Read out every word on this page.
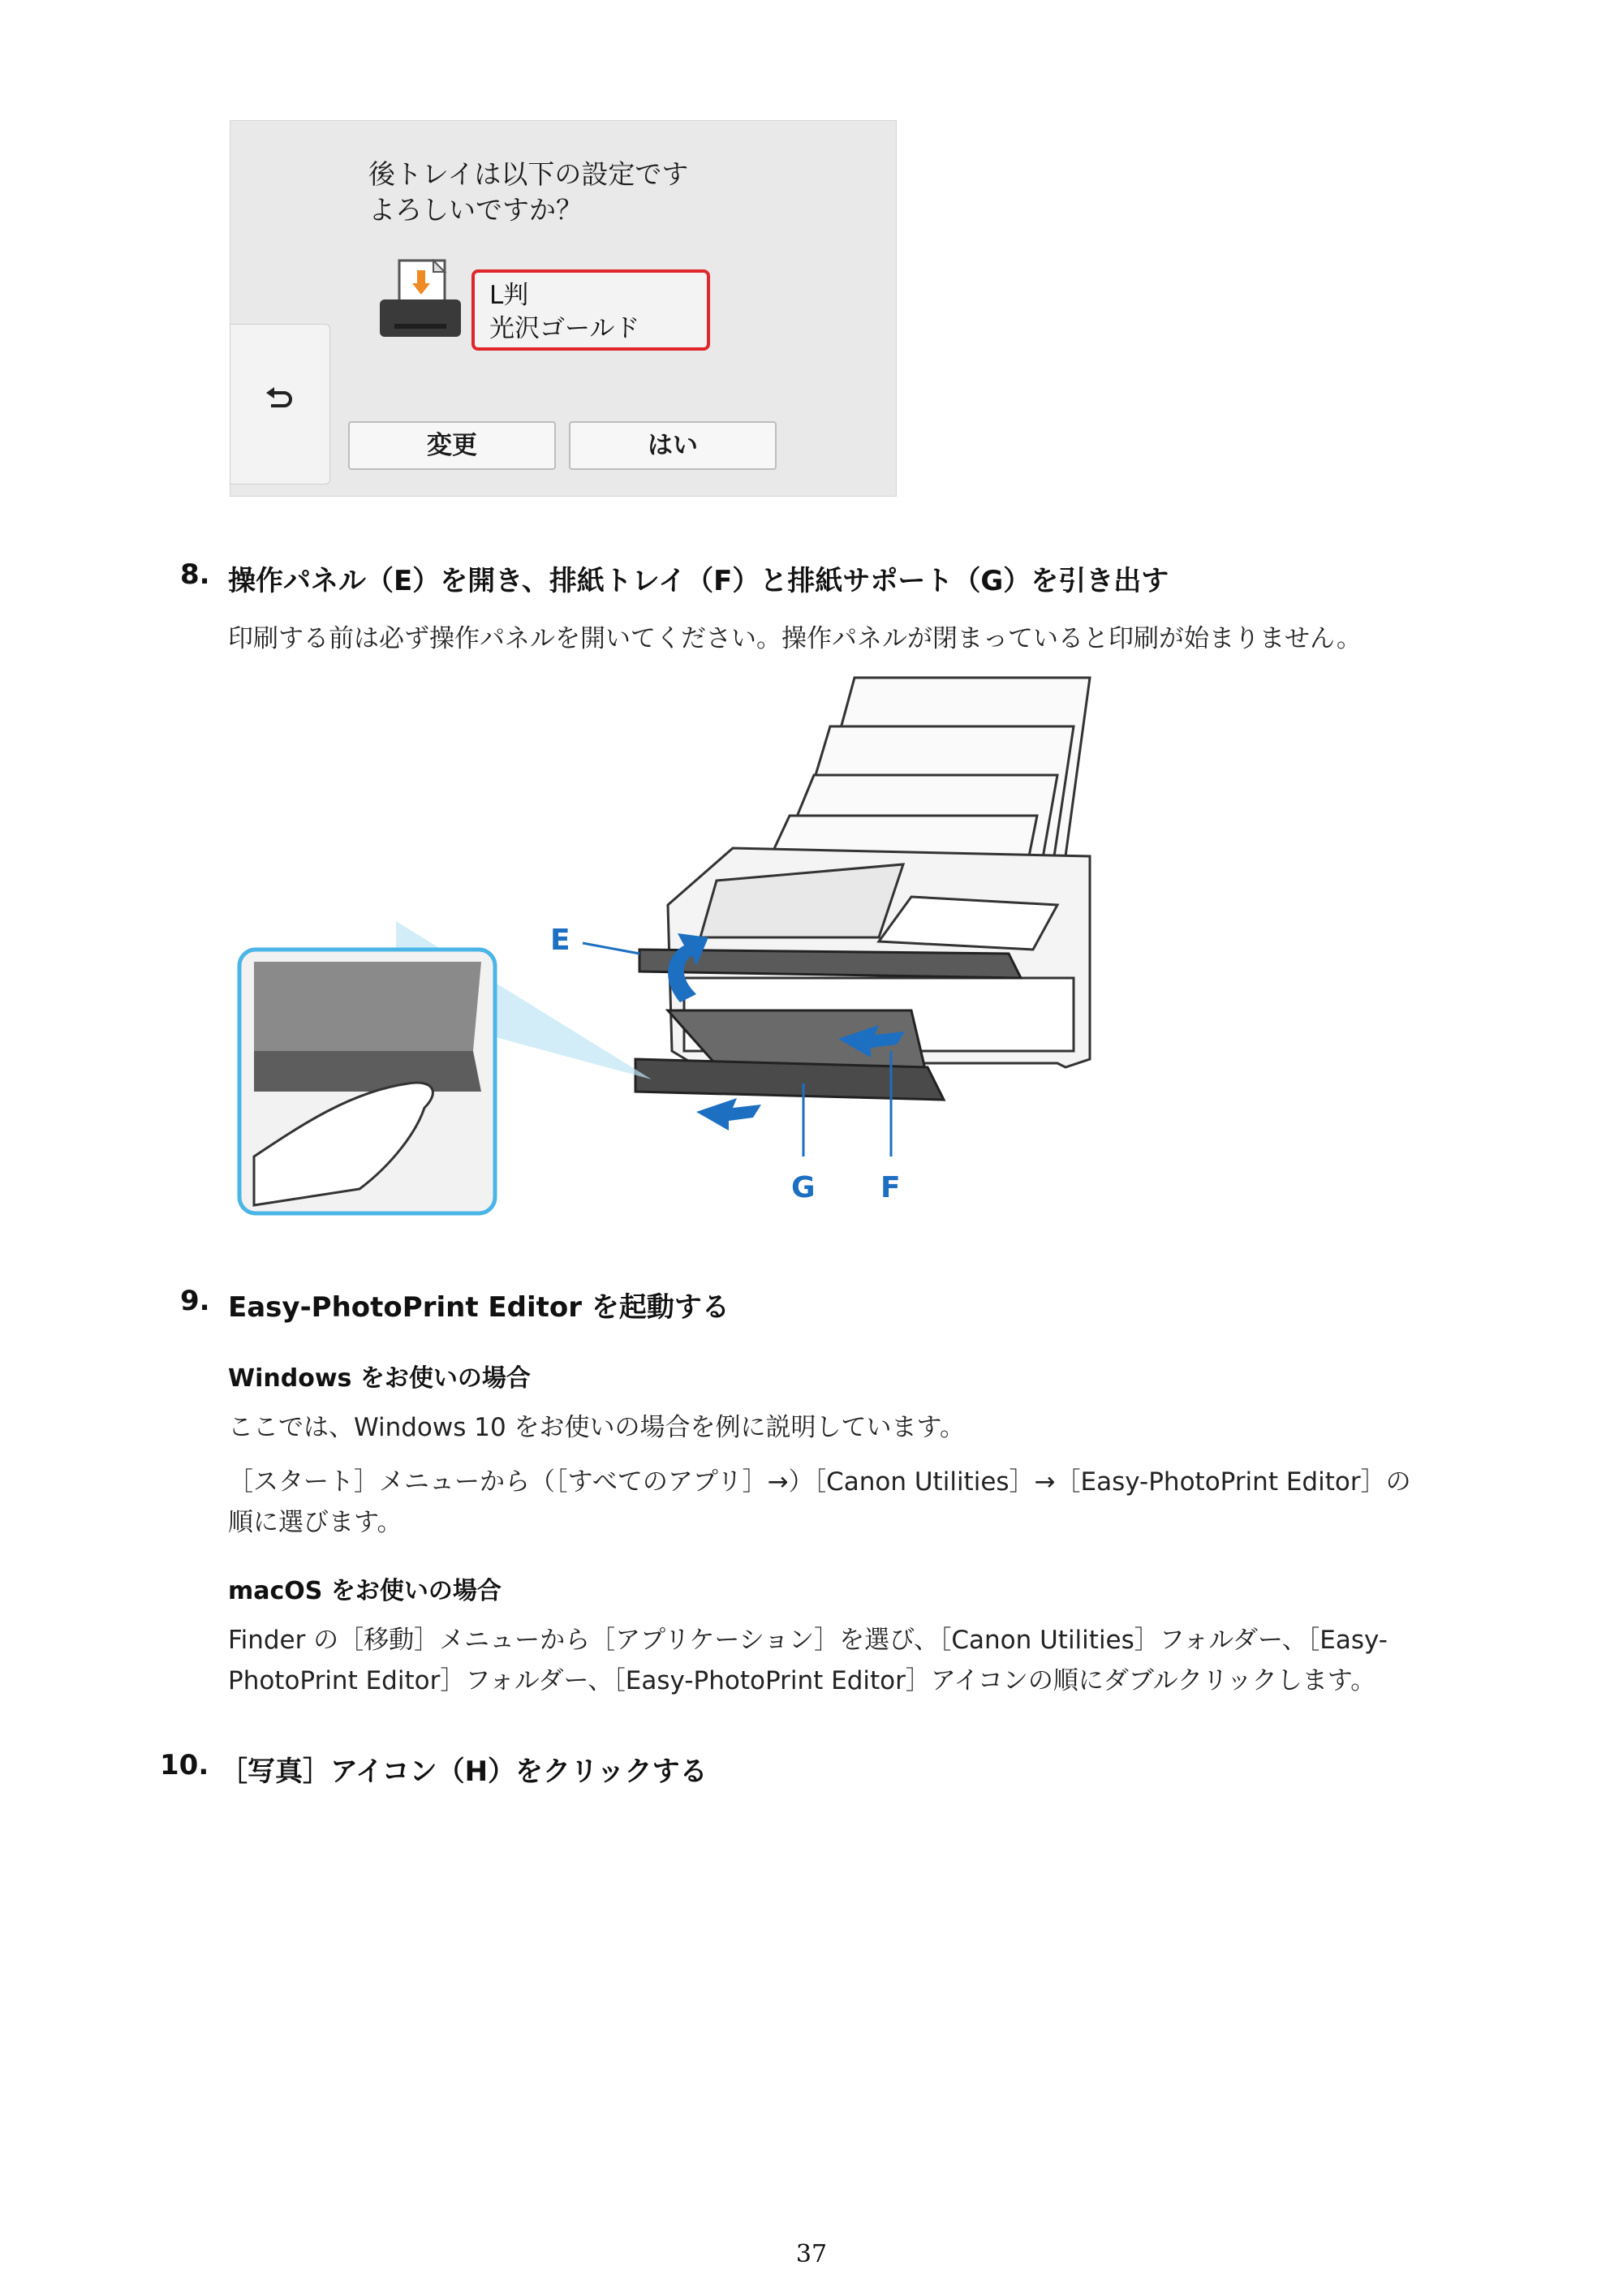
後トレイは以下の設定です
よろしいですか？
L判
光沢ゴールド
変更	はい
8. 操作パネル（E）を開き、排紙トレイ（F）と排紙サポート（G）を引き出す
印刷する前は必ず操作パネルを開いてください。操作パネルが閉まっていると印刷が始まりません。
E
G F
9. Easy-PhotoPrint Editor を起動する
Windows をお使いの場合
ここでは、Windows 10 をお使いの場合を例に説明しています。
［スタート］メニューから（［すべてのアプリ］→）［Canon Utilities］→［Easy-PhotoPrint Editor］の
順に選びます。
macOS をお使いの場合
Finder の［移動］メニューから［アプリケーション］を選び、［Canon Utilities］フォルダー、［Easy-
PhotoPrint Editor］フォルダー、［Easy-PhotoPrint Editor］アイコンの順にダブルクリックします。
10. ［写真］アイコン（H）をクリックする
37
